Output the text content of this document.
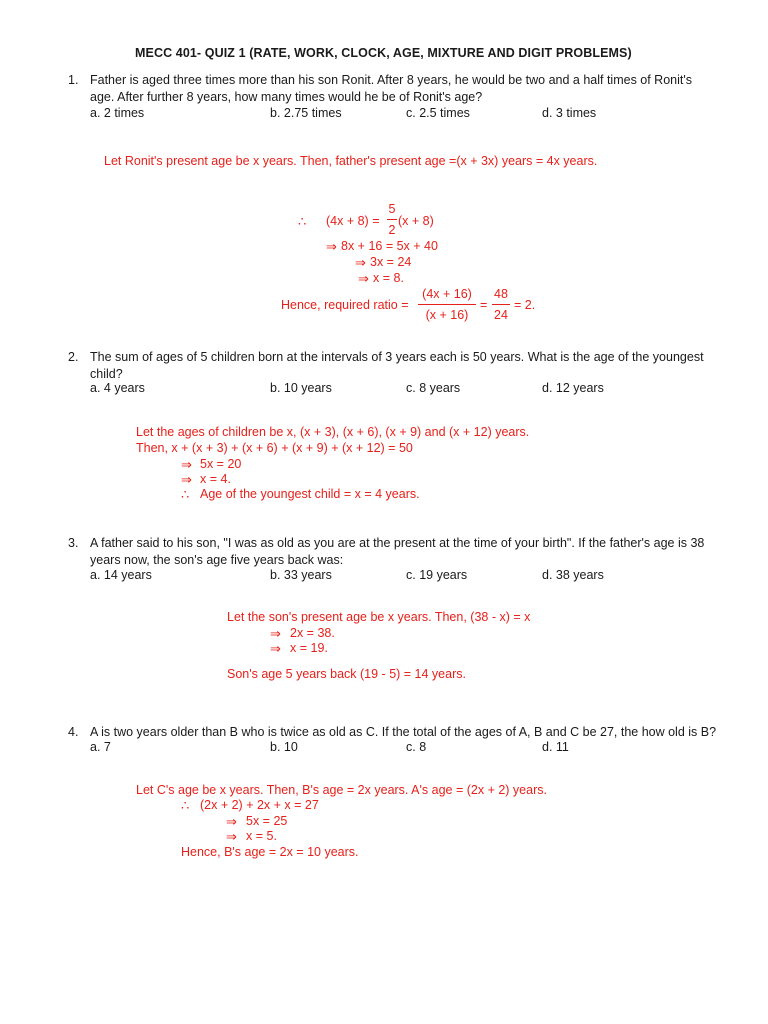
MECC 401- QUIZ 1 (RATE, WORK, CLOCK, AGE, MIXTURE AND DIGIT PROBLEMS)
1. Father is aged three times more than his son Ronit. After 8 years, he would be two and a half times of Ronit's
age. After further 8 years, how many times would he be of Ronit's age?
a. 2 times	b. 2.75 times	c. 2.5 times	d. 3 times
Let Ronit's present age be x years. Then, father's present age =(x + 3x) years = 4x years.
∴ (4x + 8) =
5
2
(x + 8)
⇒ 8x + 16 = 5x + 40
⇒ 3x = 24
⇒ x = 8.
Hence, required ratio =
(4x + 16)
(x + 16)
=
48
24
= 2.
2. The sum of ages of 5 children born at the intervals of 3 years each is 50 years. What is the age of the youngest
child?
a. 4 years	b. 10 years	c. 8 years	d. 12 years
Let the ages of children be x, (x + 3), (x + 6), (x + 9) and (x + 12) years.
Then, x + (x + 3) + (x + 6) + (x + 9) + (x + 12) = 50
⇒ 5x = 20
⇒ x = 4.
∴ Age of the youngest child = x = 4 years.
3. A father said to his son, "I was as old as you are at the present at the time of your birth". If the father's age is 38
years now, the son's age five years back was:
a. 14 years	b. 33 years	c. 19 years	d. 38 years
Let the son's present age be x years. Then, (38 - x) = x
⇒ 2x = 38.
⇒ x = 19.
Son's age 5 years back (19 - 5) = 14 years.
4. A is two years older than B who is twice as old as C. If the total of the ages of A, B and C be 27, the how old is B?
a. 7	b. 10	c. 8	d. 11
Let C's age be x years. Then, B's age = 2x years. A's age = (2x + 2) years.
∴ (2x + 2) + 2x + x = 27
⇒ 5x = 25
⇒ x = 5.
Hence, B's age = 2x = 10 years.
